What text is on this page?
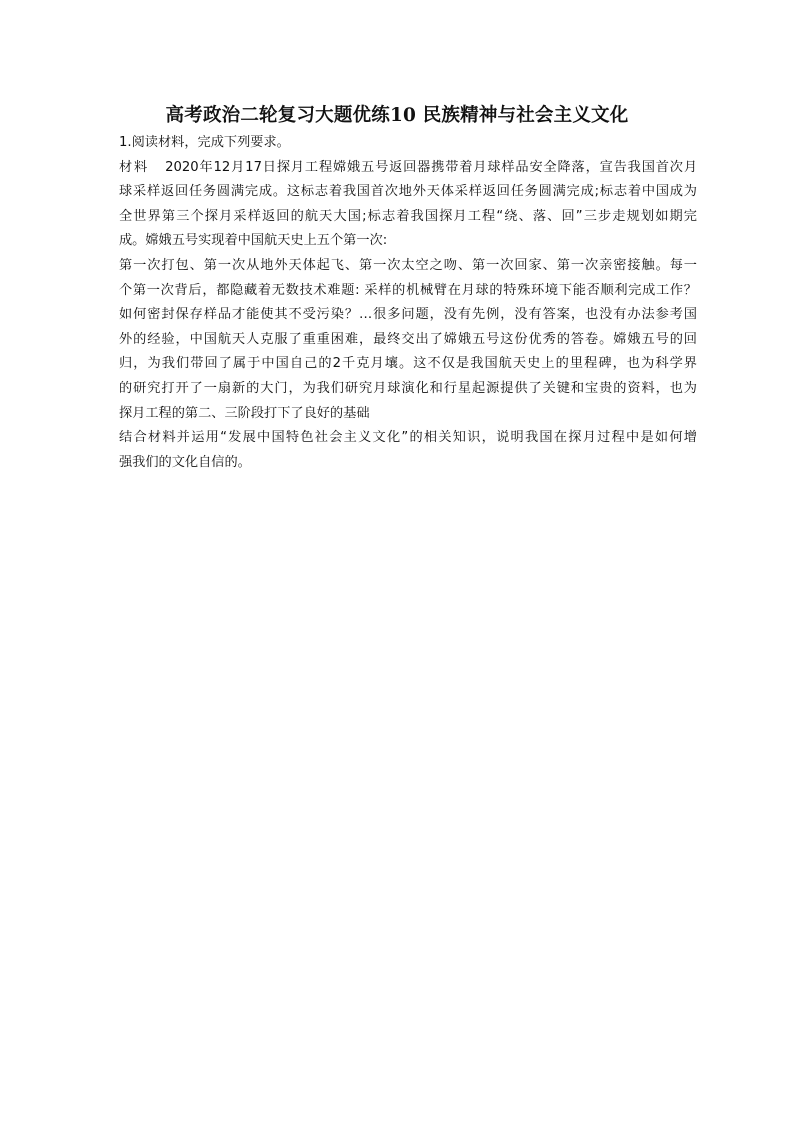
高考政治二轮复习大题优练10 民族精神与社会主义文化
1.阅读材料，完成下列要求。
材料 2020年12月17日探月工程嫦娥五号返回器携带着月球样品安全降落，宣告我国首次月
球采样返回任务圆满完成。这标志着我国首次地外天体采样返回任务圆满完成;标志着中国成为
全世界第三个探月采样返回的航天大国;标志着我国探月工程“绕、落、回”三步走规划如期完
成。嫦娥五号实现着中国航天史上五个第一次:
第一次打包、第一次从地外天体起飞、第一次太空之吻、第一次回家、第一次亲密接触。每一
个第一次背后，都隐藏着无数技术难题: 采样的机械臂在月球的特殊环境下能否顺利完成工作？
如何密封保存样品才能使其不受污染？…很多问题，没有先例，没有答案，也没有办法参考国
外的经验，中国航天人克服了重重困难，最终交出了嫦娥五号这份优秀的答卷。嫦娥五号的回
归，为我们带回了属于中国自己的2千克月壤。这不仅是我国航天史上的里程碑，也为科学界
的研究打开了一扇新的大门，为我们研究月球演化和行星起源提供了关键和宝贵的资料，也为
探月工程的第二、三阶段打下了良好的基础
结合材料并运用“发展中国特色社会主义文化”的相关知识，说明我国在探月过程中是如何增
强我们的文化自信的。
